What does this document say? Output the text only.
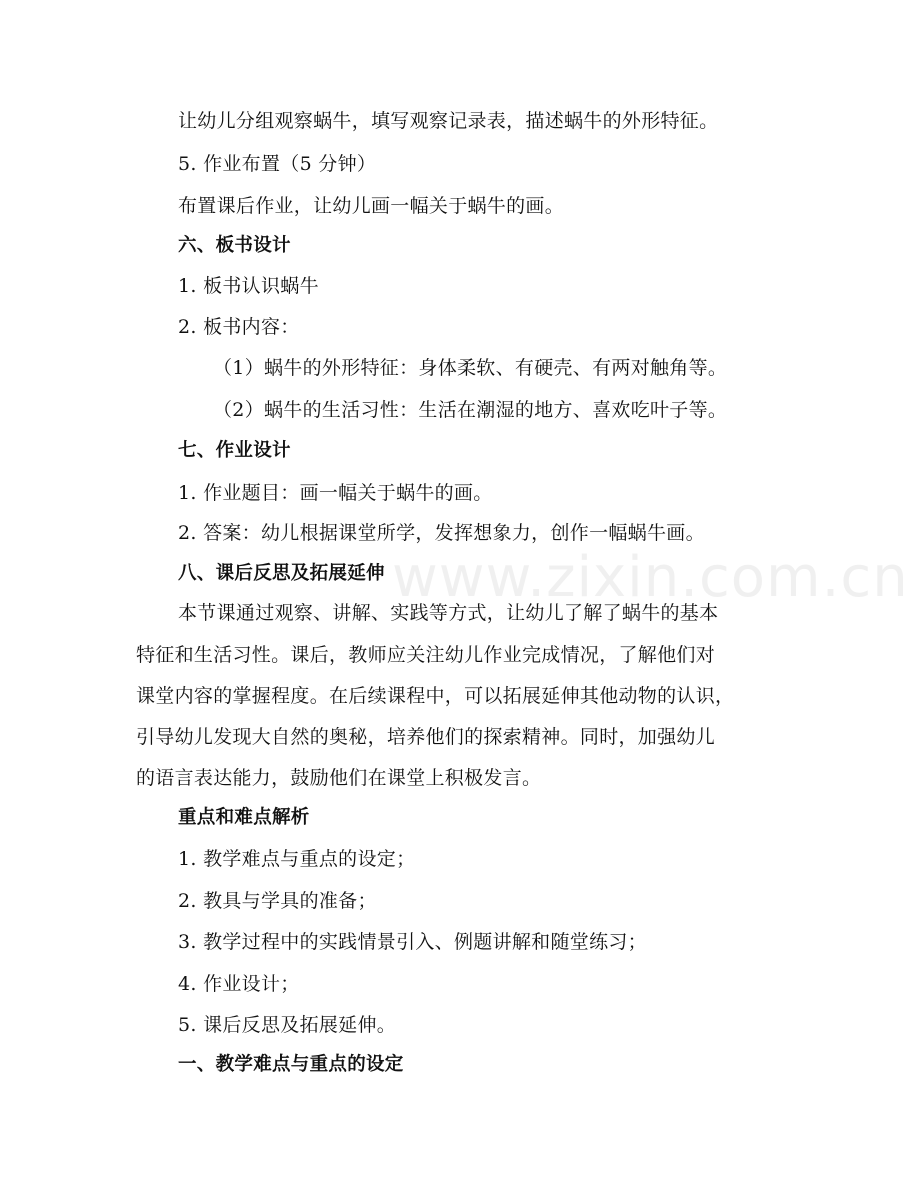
让幼儿分组观察蜗牛，填写观察记录表，描述蜗牛的外形特征。
5. 作业布置（5 分钟）
布置课后作业，让幼儿画一幅关于蜗牛的画。
六、板书设计
1. 板书认识蜗牛
2. 板书内容：
（1）蜗牛的外形特征：身体柔软、有硬壳、有两对触角等。
（2）蜗牛的生活习性：生活在潮湿的地方、喜欢吃叶子等。
七、作业设计
1. 作业题目：画一幅关于蜗牛的画。
2. 答案：幼儿根据课堂所学，发挥想象力，创作一幅蜗牛画。
八、课后反思及拓展延伸
本节课通过观察、讲解、实践等方式，让幼儿了解了蜗牛的基本
特征和生活习性。课后，教师应关注幼儿作业完成情况，了解他们对
课堂内容的掌握程度。在后续课程中，可以拓展延伸其他动物的认识，
引导幼儿发现大自然的奥秘，培养他们的探索精神。同时，加强幼儿
的语言表达能力，鼓励他们在课堂上积极发言。
重点和难点解析
1. 教学难点与重点的设定；
2. 教具与学具的准备；
3. 教学过程中的实践情景引入、例题讲解和随堂练习；
4. 作业设计；
5. 课后反思及拓展延伸。
一、教学难点与重点的设定
www.zixin.com.cn
